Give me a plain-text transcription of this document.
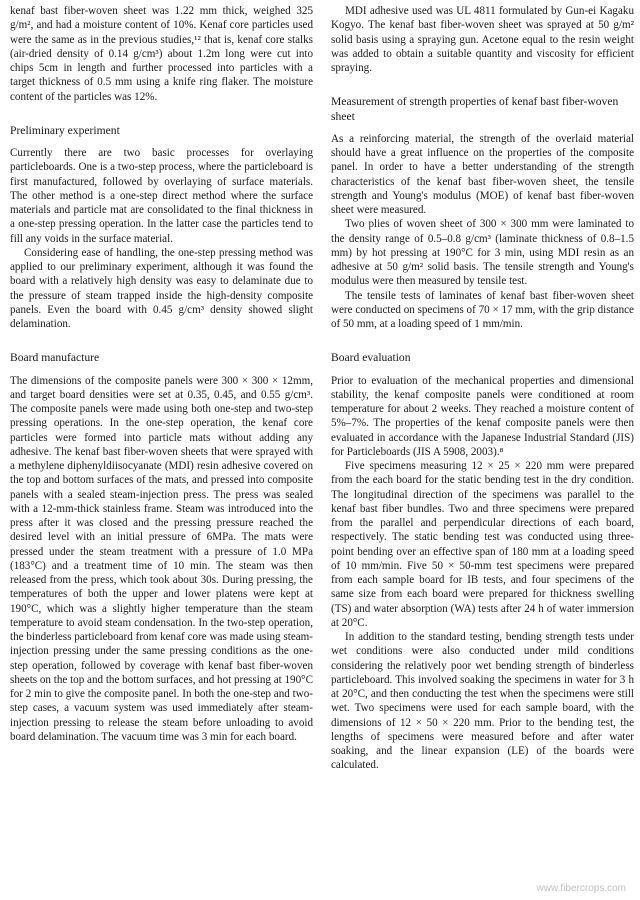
kenaf bast fiber-woven sheet was 1.22 mm thick, weighed 325 g/m², and had a moisture content of 10%. Kenaf core particles used were the same as in the previous studies,¹² that is, kenaf core stalks (air-dried density of 0.14 g/cm³) about 1.2m long were cut into chips 5cm in length and further processed into particles with a target thickness of 0.5 mm using a knife ring flaker. The moisture content of the particles was 12%.

Preliminary experiment

Currently there are two basic processes for overlaying particleboards. One is a two-step process, where the particleboard is first manufactured, followed by overlaying of surface materials. The other method is a one-step direct method where the surface materials and particle mat are consolidated to the final thickness in a one-step pressing operation. In the latter case the particles tend to fill any voids in the surface material.

Considering ease of handling, the one-step pressing method was applied to our preliminary experiment, although it was found the board with a relatively high density was easy to delaminate due to the pressure of steam trapped inside the high-density composite panels. Even the board with 0.45 g/cm³ density showed slight delamination.

Board manufacture

The dimensions of the composite panels were 300 × 300 × 12mm, and target board densities were set at 0.35, 0.45, and 0.55 g/cm³. The composite panels were made using both one-step and two-step pressing operations. In the one-step operation, the kenaf core particles were formed into particle mats without adding any adhesive. The kenaf bast fiber-woven sheets that were sprayed with a methylene diphenyldiisocyanate (MDI) resin adhesive covered on the top and bottom surfaces of the mats, and pressed into composite panels with a sealed steam-injection press. The press was sealed with a 12-mm-thick stainless frame. Steam was introduced into the press after it was closed and the pressing pressure reached the desired level with an initial pressure of 6MPa. The mats were pressed under the steam treatment with a pressure of 1.0 MPa (183°C) and a treatment time of 10 min. The steam was then released from the press, which took about 30s. During pressing, the temperatures of both the upper and lower platens were kept at 190°C, which was a slightly higher temperature than the steam temperature to avoid steam condensation. In the two-step operation, the binderless particleboard from kenaf core was made using steam-injection pressing under the same pressing conditions as the one-step operation, followed by coverage with kenaf bast fiber-woven sheets on the top and the bottom surfaces, and hot pressing at 190°C for 2 min to give the composite panel. In both the one-step and two-step cases, a vacuum system was used immediately after steam-injection pressing to release the steam before unloading to avoid board delamination. The vacuum time was 3 min for each board.

MDI adhesive used was UL 4811 formulated by Gun-ei Kagaku Kogyo. The kenaf bast fiber-woven sheet was sprayed at 50 g/m² solid basis using a spraying gun. Acetone equal to the resin weight was added to obtain a suitable quantity and viscosity for efficient spraying.

Measurement of strength properties of kenaf bast fiber-woven sheet

As a reinforcing material, the strength of the overlaid material should have a great influence on the properties of the composite panel. In order to have a better understanding of the strength characteristics of the kenaf bast fiber-woven sheet, the tensile strength and Young's modulus (MOE) of kenaf bast fiber-woven sheet were measured.

Two plies of woven sheet of 300 × 300 mm were laminated to the density range of 0.5–0.8 g/cm³ (laminate thickness of 0.8–1.5 mm) by hot pressing at 190°C for 3 min, using MDI resin as an adhesive at 50 g/m² solid basis. The tensile strength and Young's modulus were then measured by tensile test.

The tensile tests of laminates of kenaf bast fiber-woven sheet were conducted on specimens of 70 × 17 mm, with the grip distance of 50 mm, at a loading speed of 1 mm/min.

Board evaluation

Prior to evaluation of the mechanical properties and dimensional stability, the kenaf composite panels were conditioned at room temperature for about 2 weeks. They reached a moisture content of 5%–7%. The properties of the kenaf composite panels were then evaluated in accordance with the Japanese Industrial Standard (JIS) for Particleboards (JIS A 5908, 2003).⁸

Five specimens measuring 12 × 25 × 220 mm were prepared from the each board for the static bending test in the dry condition. The longitudinal direction of the specimens was parallel to the kenaf bast fiber bundles. Two and three specimens were prepared from the parallel and perpendicular directions of each board, respectively. The static bending test was conducted using three-point bending over an effective span of 180 mm at a loading speed of 10 mm/min. Five 50 × 50-mm test specimens were prepared from each sample board for IB tests, and four specimens of the same size from each board were prepared for thickness swelling (TS) and water absorption (WA) tests after 24 h of water immersion at 20°C.

In addition to the standard testing, bending strength tests under wet conditions were also conducted under mild conditions considering the relatively poor wet bending strength of binderless particleboard. This involved soaking the specimens in water for 3 h at 20°C, and then conducting the test when the specimens were still wet. Two specimens were used for each sample board, with the dimensions of 12 × 50 × 220 mm. Prior to the bending test, the lengths of specimens were measured before and after water soaking, and the linear expansion (LE) of the boards were calculated.

www.fibercrops.com
